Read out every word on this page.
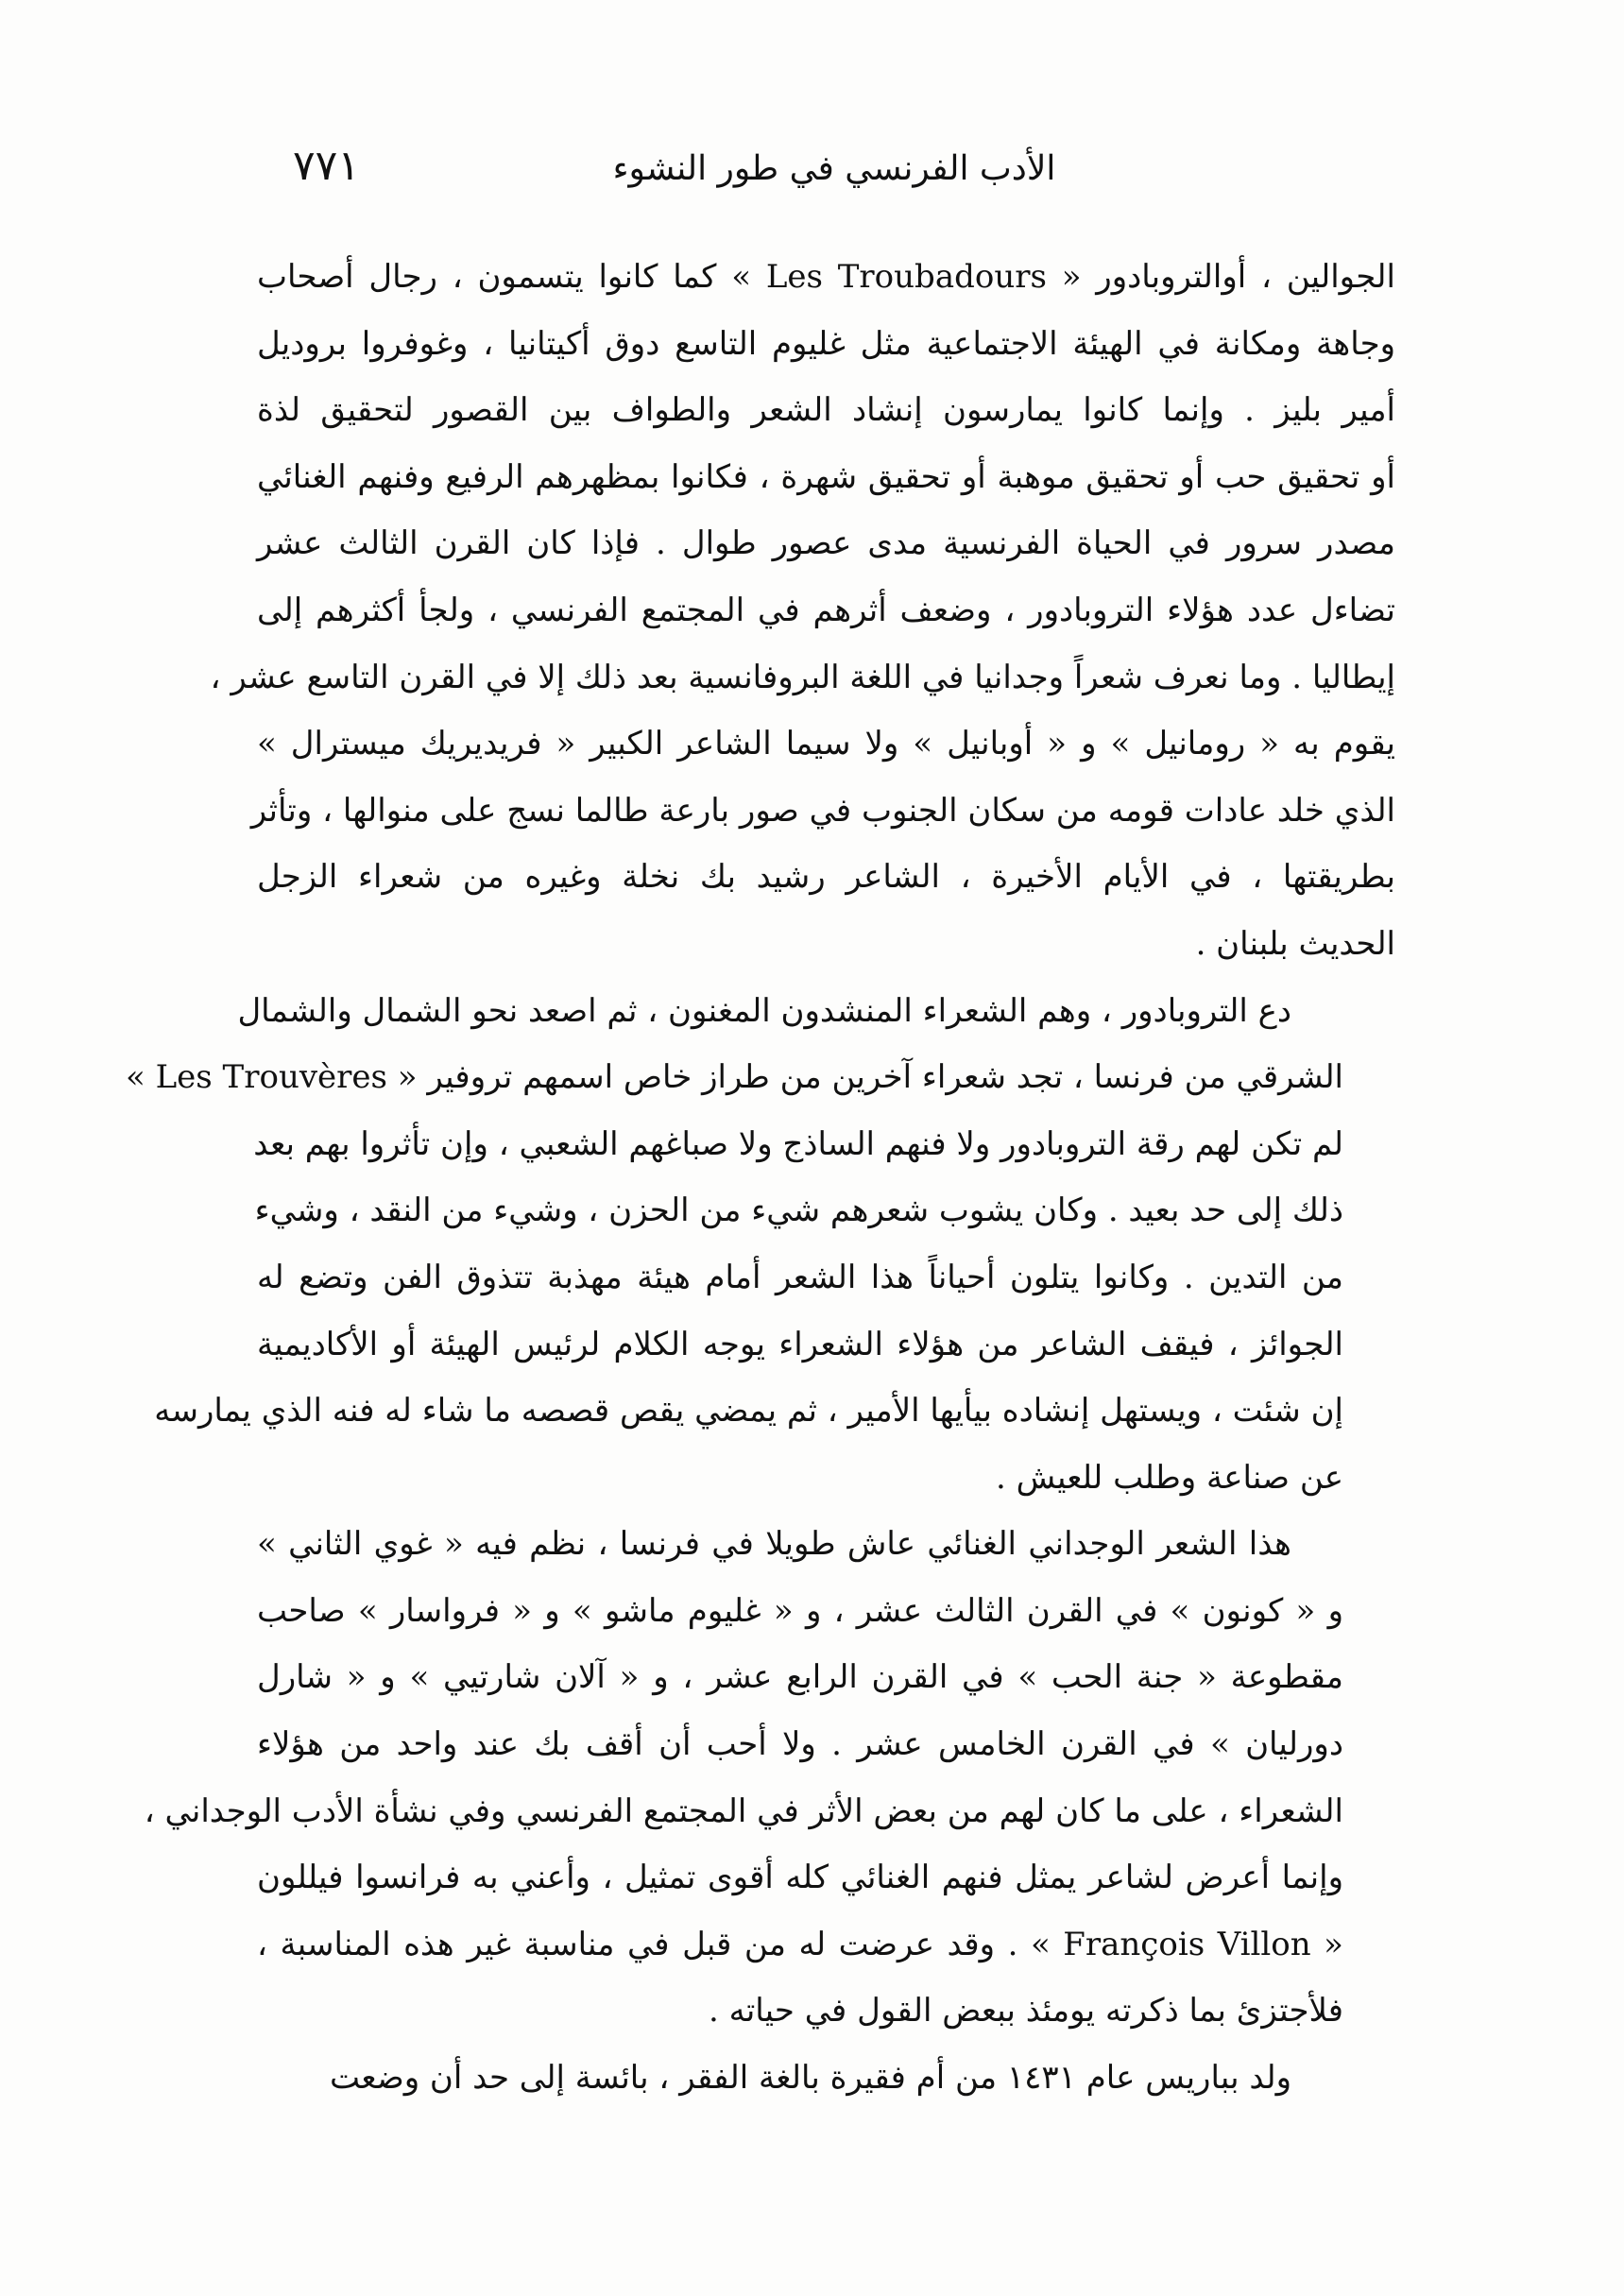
الأدب الفرنسي في طور النشوء
٧٧١

الجوالين ، أوالتروبادور « Les Troubadours » كما كانوا يتسمون ، رجال أصحاب
وجاهة ومكانة في الهيئة الاجتماعية مثل غليوم التاسع دوق أكيتانيا ، وغوفروا برودیل
أمير بليز . وإنما كانوا يمارسون إنشاد الشعر والطواف بين القصور لتحقيق لذة
أو تحقيق حب أو تحقيق موهبة أو تحقيق شهرة ، فكانوا بمظهرهم الرفيع وفنهم الغنائي
مصدر سرور في الحياة الفرنسية مدى عصور طوال . فإذا كان القرن الثالث عشر
تضاءل عدد هؤلاء التروبادور ، وضعف أثرهم في المجتمع الفرنسي ، ولجأ أكثرهم إلى
إيطاليا . وما نعرف شعراً وجدانيا في اللغة البروفانسية بعد ذلك إلا في القرن التاسع عشر ،
يقوم به « رومانيل » و « أوبانيل » ولا سيما الشاعر الكبير « فريديريك ميسترال »
الذي خلد عادات قومه من سكان الجنوب في صور بارعة طالما نسج على منوالها ، وتأثر
بطريقتها ، في الأيام الأخيرة ، الشاعر رشيد بك نخلة وغيره من شعراء الزجل
الحديث بلبنان .

دع التروبادور ، وهم الشعراء المنشدون المغنون ، ثم اصعد نحو الشمال والشمال
الشرقي من فرنسا ، تجد شعراء آخرين من طراز خاص اسمهم تروفير « Les Trouvères »
لم تكن لهم رقة التروبادور ولا فنهم الساذج ولا صباغهم الشعبي ، وإن تأثروا بهم بعد
ذلك إلى حد بعيد . وكان يشوب شعرهم شيء من الحزن ، وشيء من النقد ، وشيء
من التدين . وكانوا يتلون أحياناً هذا الشعر أمام هيئة مهذبة تتذوق الفن وتضع له
الجوائز ، فيقف الشاعر من هؤلاء الشعراء يوجه الكلام لرئيس الهيئة أو الأكاديمية
إن شئت ، ويستهل إنشاده بيأيها الأمير ، ثم يمضي يقص قصصه ما شاء له فنه الذي يمارسه
عن صناعة وطلب للعيش .

هذا الشعر الوجداني الغنائي عاش طويلا في فرنسا ، نظم فيه « غوي الثاني »
و « كونون » في القرن الثالث عشر ، و « غليوم ماشو » و « فرواسار » صاحب
مقطوعة « جنة الحب » في القرن الرابع عشر ، و « آلان شارتيي » و « شارل
دورليان » في القرن الخامس عشر . ولا أحب أن أقف بك عند واحد من هؤلاء
الشعراء ، على ما كان لهم من بعض الأثر في المجتمع الفرنسي وفي نشأة الأدب الوجداني ،
وإنما أعرض لشاعر يمثل فنهم الغنائي كله أقوى تمثيل ، وأعني به فرانسوا فيللون
« François Villon » . وقد عرضت له من قبل في مناسبة غير هذه المناسبة ،
فلأجتزئ بما ذكرته يومئذ ببعض القول في حياته .

ولد بباريس عام ١٤٣١ من أم فقيرة بالغة الفقر ، بائسة إلى حد أن وضعت
